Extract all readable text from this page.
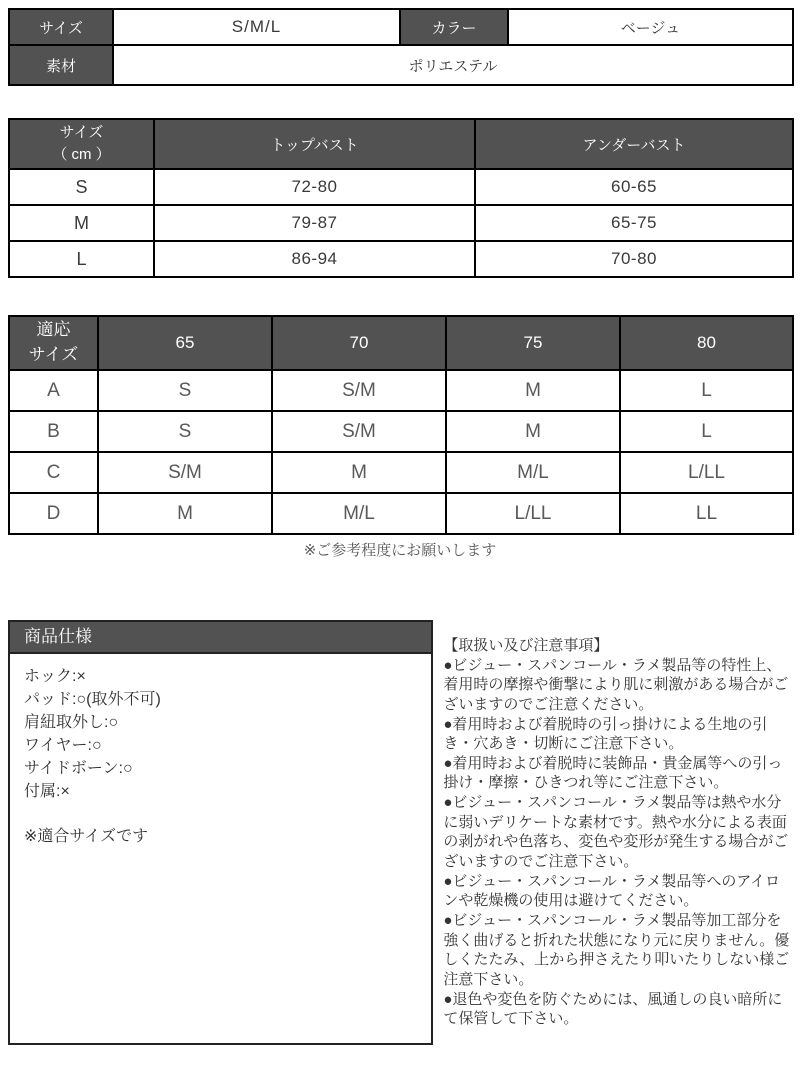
サイズ	S/M/L	カラー	ベージュ
素材	ポリエステル		
サイズ
（ cm ）	トップバスト	アンダーバスト
S	72-80	60-65
M	79-87	65-75
L	86-94	70-80
適応
サイズ	65	70	75	80
A	S	S/M	M	L
B	S	S/M	M	L
C	S/M	M	M/L	L/LL
D	M	M/L	L/LL	LL
※ご参考程度にお願いします
商品仕様
ホック:×
パッド:○(取外不可)
肩紐取外し:○
ワイヤー:○
サイドボーン:○
付属:×
※適合サイズです
【取扱い及び注意事項】
●ビジュー・スパンコール・ラメ製品等の特性上、着用時の摩擦や衝撃により肌に刺激がある場合がございますのでご注意ください。
●着用時および着脱時の引っ掛けによる生地の引き・穴あき・切断にご注意下さい。
●着用時および着脱時に装飾品・貴金属等への引っ掛け・摩擦・ひきつれ等にご注意下さい。
●ビジュー・スパンコール・ラメ製品等は熱や水分に弱いデリケートな素材です。熱や水分による表面の剥がれや色落ち、変色や変形が発生する場合がございますのでご注意下さい。
●ビジュー・スパンコール・ラメ製品等へのアイロンや乾燥機の使用は避けてください。
●ビジュー・スパンコール・ラメ製品等加工部分を強く曲げると折れた状態になり元に戻りません。優しくたたみ、上から押さえたり叩いたりしない様ご注意下さい。
●退色や変色を防ぐためには、風通しの良い暗所にて保管して下さい。
